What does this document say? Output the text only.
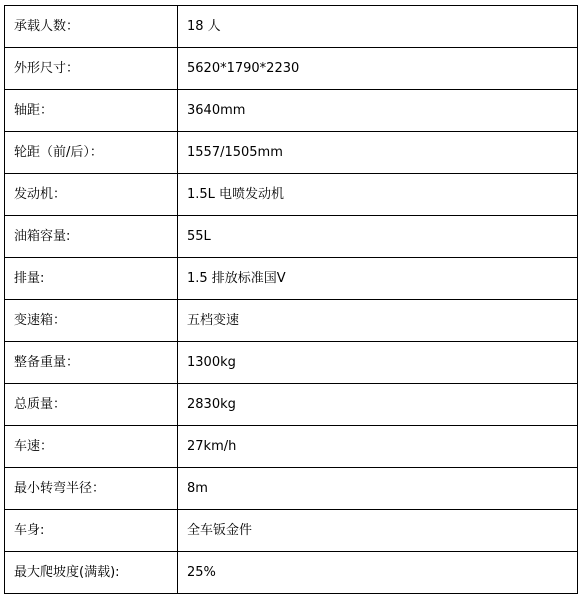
承载人数：	18 人
外形尺寸：	5620*1790*2230
轴距：	3640mm
轮距（前/后）：	1557/1505mm
发动机：	1.5L 电喷发动机
油箱容量:	55L
排量:	1.5 排放标准国Ⅴ
变速箱：	五档变速
整备重量：	1300kg
总质量：	2830kg
车速：	27km/h
最小转弯半径：	8m
车身:	全车钣金件
最大爬坡度(满载):	25%
